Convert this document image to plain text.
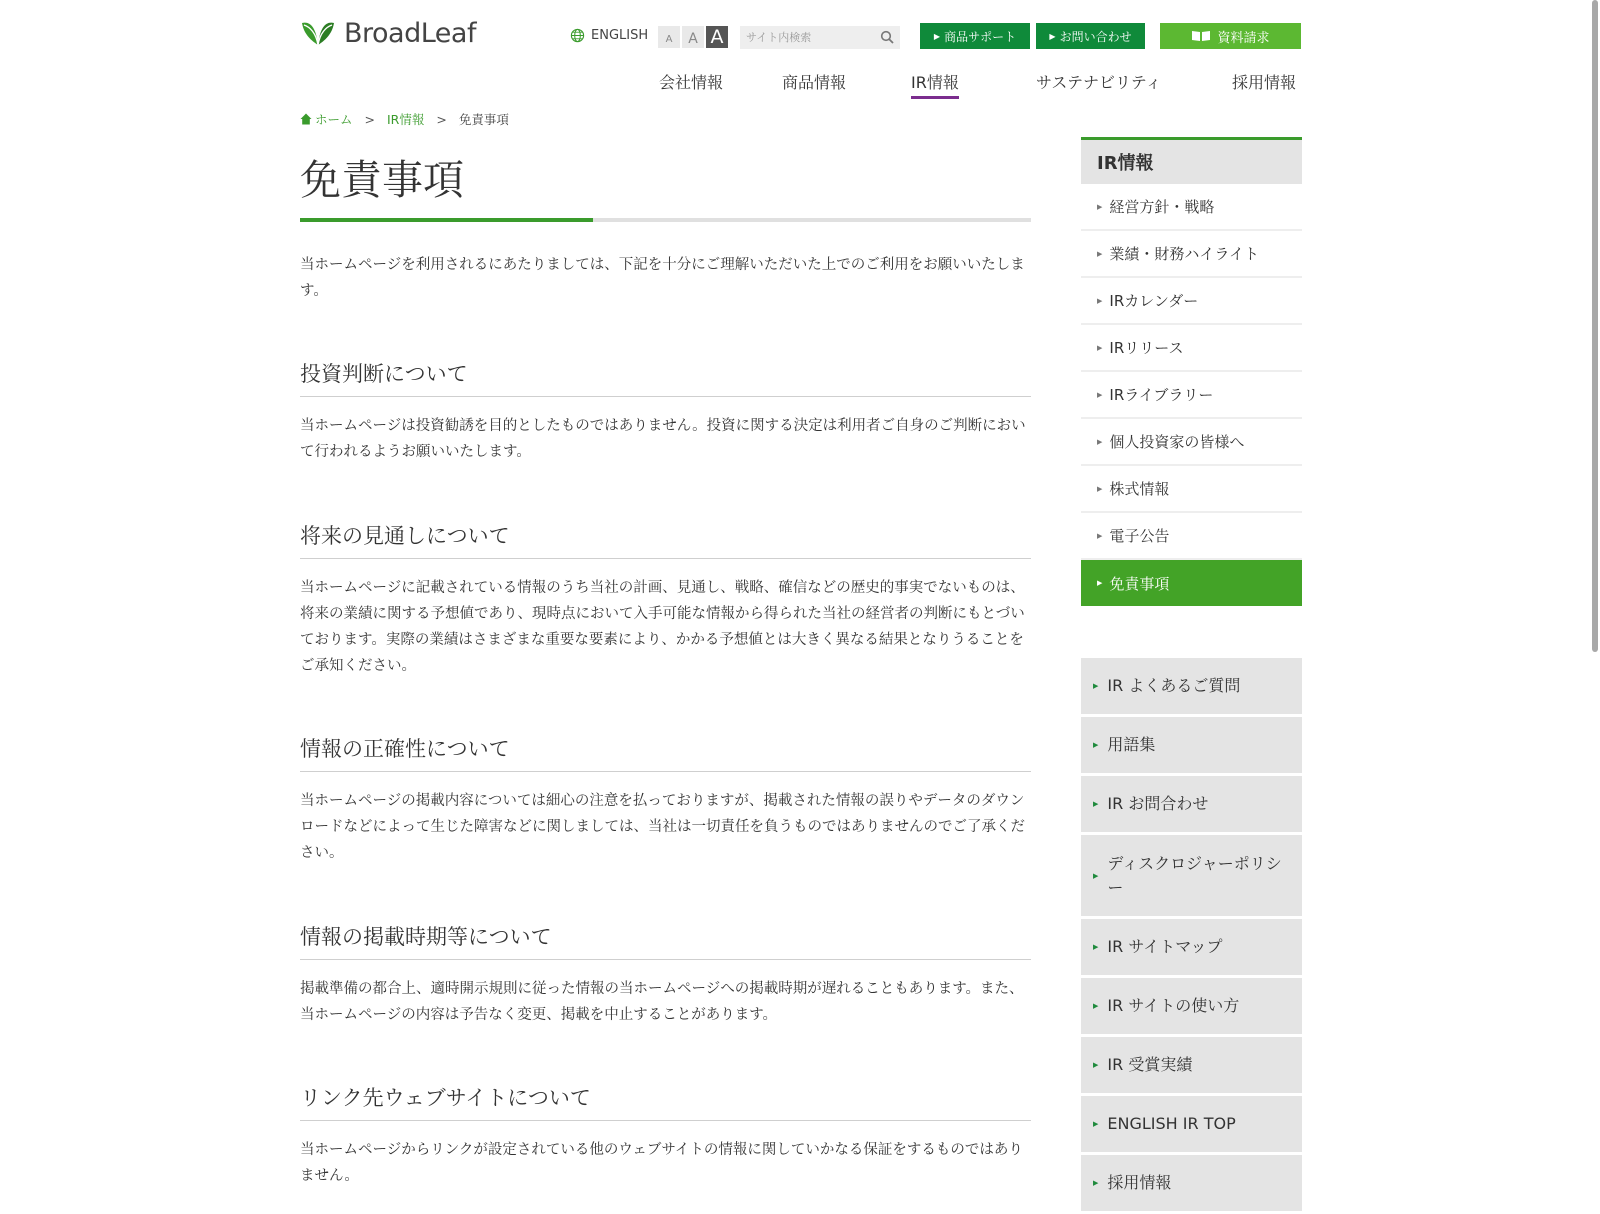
BroadLeaf	ENGLISH	A	A A
サイト内検索	▶ 商品サポート	▶ お問い合わせ	資料請求
会社情報	商品情報	IR情報	サステナビリティ	採用情報
ホーム > IR情報 > 免責事項
免責事項

当ホームページを利用されるにあたりましては、下記を十分にご理解いただいた上でのご利用をお願いいたします。

投資判断について

当ホームページは投資勧誘を目的としたものではありません。投資に関する決定は利用者ご自身のご判断において行われるようお願いいたします。

将来の見通しについて

当ホームページに記載されている情報のうち当社の計画、見通し、戦略、確信などの歴史的事実でないものは、将来の業績に関する予想値であり、現時点において入手可能な情報から得られた当社の経営者の判断にもとづいております。実際の業績はさまざまな重要な要素により、かかる予想値とは大きく異なる結果となりうることをご承知ください。

情報の正確性について

当ホームページの掲載内容については細心の注意を払っておりますが、掲載された情報の誤りやデータのダウンロードなどによって生じた障害などに関しましては、当社は一切責任を負うものではありませんのでご了承ください。

情報の掲載時期等について

掲載準備の都合上、適時開示規則に従った情報の当ホームページへの掲載時期が遅れることもあります。また、当ホームページの内容は予告なく変更、掲載を中止することがあります。

リンク先ウェブサイトについて

当ホームページからリンクが設定されている他のウェブサイトの情報に関していかなる保証をするものではありません。

IR情報
▶ 経営方針・戦略
▶ 業績・財務ハイライト
▶ IRカレンダー
▶ IRリリース
▶ IRライブラリー
▶ 個人投資家の皆様へ
▶ 株式情報
▶ 電子公告
▶ 免責事項
▶ IR よくあるご質問
▶ 用語集
▶ IR お問合わせ
▶
ディスクロジャーポリシー
▶ IR サイトマップ
▶ IR サイトの使い方
▶ IR 受賞実績
▶ ENGLISH IR TOP
▶ 採用情報
